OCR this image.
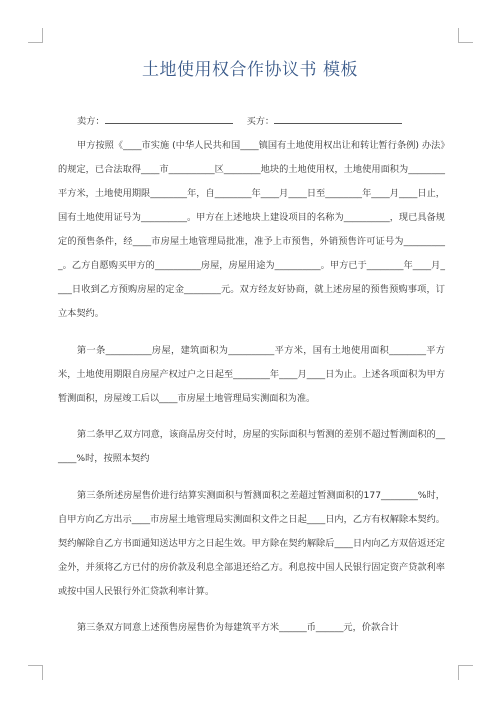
土地使用权合作协议书 模板
卖方：	买方：

甲方按照《____市实施 (中华人民共和国____镇国有土地使用权出让和转让暂行条例) 办法》的规定，已合法取得____市__________区________地块的土地使用权，土地使用面积为________平方米，土地使用期限________年，自________年____月____日至________年____月____日止，国有土地使用证号为__________。甲方在上述地块上建设项目的名称为__________，现已具备规定的预售条件，经____市房屋土地管理局批准，准予上市预售，外销预售许可证号为__________。乙方自愿购买甲方的__________房屋，房屋用途为__________。甲方已于________年____月____日收到乙方预购房屋的定金________元。双方经友好协商，就上述房屋的预售预购事项，订立本契约。

第一条__________房屋，建筑面积为__________平方米，国有土地使用面积________平方米，土地使用期限自房屋产权过户之日起至________年____月____日为止。上述各项面积为甲方暂测面积，房屋竣工后以____市房屋土地管理局实测面积为准。

第二条甲乙双方同意，该商品房交付时，房屋的实际面积与暂测的差别不超过暂测面积的______%时，按照本契约

第三条所述房屋售价进行结算实测面积与暂测面积之差超过暂测面积的177________%时，自甲方向乙方出示____市房屋土地管理局实测面积文件之日起____日内，乙方有权解除本契约。契约解除自乙方书面通知送达甲方之日起生效。甲方除在契约解除后____日内向乙方双倍返还定金外，并须将乙方已付的房价款及利息全部退还给乙方。利息按中国人民银行固定资产贷款利率或按中国人民银行外汇贷款利率计算。

第三条双方同意上述预售房屋售价为每建筑平方米______币______元，价款合计
